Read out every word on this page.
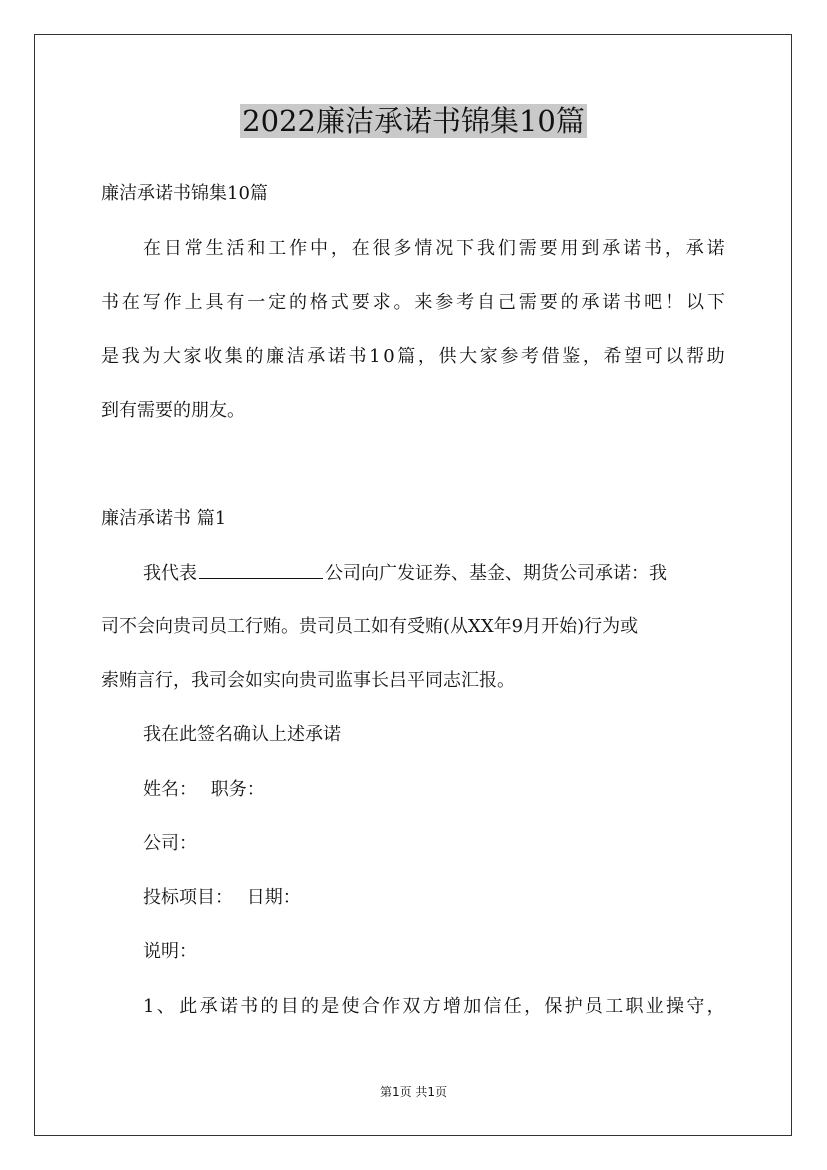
2022廉洁承诺书锦集10篇
廉洁承诺书锦集10篇
在 日 常 生 活 和 工 作 中 ， 在 很 多 情 况 下 我 们 需 要 用 到 承 诺 书 ， 承 诺
书 在 写 作 上 具 有 一 定 的 格 式 要 求 。 来 参 考 自 己 需 要 的 承 诺 书 吧 ！ 以 下
是 我 为 大 家 收 集 的 廉 洁 承 诺 书 1 0 篇 ， 供 大 家 参 考 借 鉴 ， 希 望 可 以 帮 助
到有需要的朋友。
廉洁承诺书 篇1
我代表	公司向广发证券、基金、期货公司承诺：我
司不会向贵司员工行贿。贵司员工如有受贿(从XX年9月开始)行为或
索贿言行，我司会如实向贵司监事长吕平同志汇报。
我在此签名确认上述承诺
姓名： 职务：
公司：
投标项目： 日期：
说明：
1 、 此 承 诺 书 的 目 的 是 使 合 作 双 方 增 加 信 任 ， 保 护 员 工 职 业 操 守 ，
第1页 共1页
